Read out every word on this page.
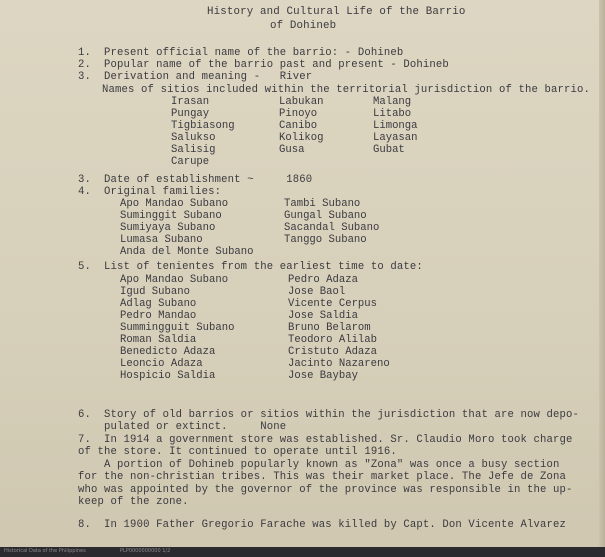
History and Cultural Life of the Barrio
of Dohineb
1.  Present official name of the barrio: - Dohineb
2.  Popular name of the barrio past and present - Dohineb
3.  Derivation and meaning -   River
Names of sitios included within the territorial jurisdiction of the barrio.
Irasan	Labukan	Malang
Pungay	Pinoyo	Litabo
Tigbiasong	Canibo	Limonga
Salukso	Kolikog	Layasan
Salisig	Gusa	Gubat
Carupe
3.  Date of establishment ~     1860
4.  Original families:
Apo Mandao Subano	Tambi Subano
Suminggit Subano	Gungal Subano
Sumiyaya Subano	Sacandal Subano
Lumasa Subano	Tanggo Subano
Anda del Monte Subano
5.  List of tenientes from the earliest time to date:
Apo Mandao Subano	Pedro Adaza
Igud Subano	Jose Baol
Adlag Subano	Vicente Cerpus
Pedro Mandao	Jose Saldia
Summingguit Subano	Bruno Belarom
Roman Saldia	Teodoro Alilab
Benedicto Adaza	Cristuto Adaza
Leoncio Adaza	Jacinto Nazareno
Hospicio Saldia	Jose Baybay
6.  Story of old barrios or sitios within the jurisdiction that are now depo-
pulated or extinct.     None
7.  In 1914 a government store was established. Sr. Claudio Moro took charge
of the store. It continued to operate until 1916.
A portion of Dohineb popularly known as "Zona" was once a busy section
for the non-christian tribes. This was their market place. The Jefe de Zona
who was appointed by the governor of the province was responsible in the up-
keep of the zone.
8.  In 1900 Father Gregorio Farache was killed by Capt. Don Vicente Alvarez
Historical Data of the Philippines	PLP0000000000 1/2
